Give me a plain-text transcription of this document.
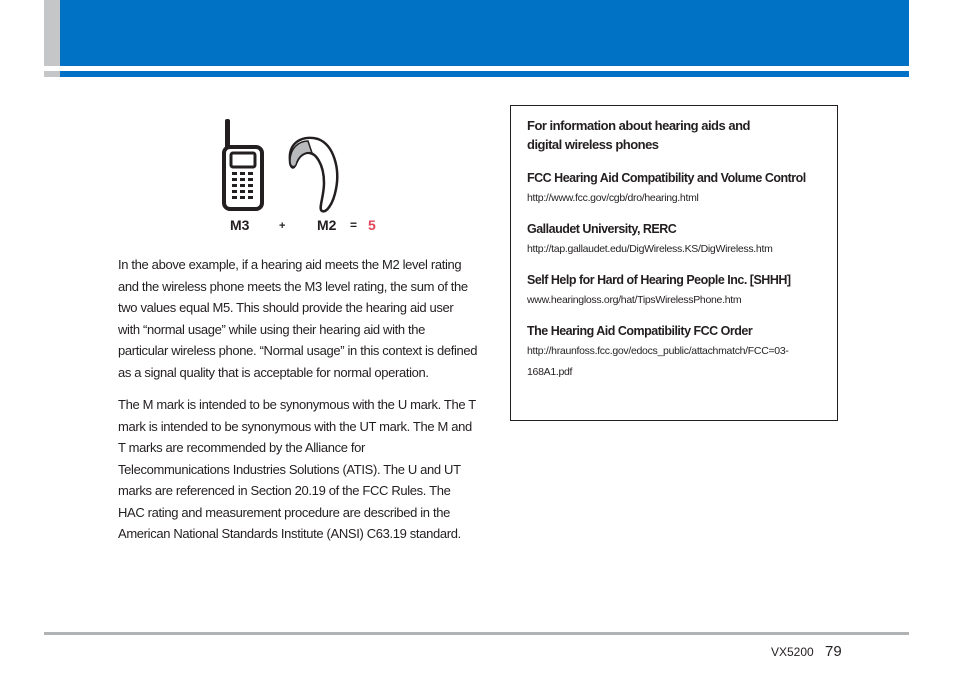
M3	+ M2 = 5

In the above example, if a hearing aid meets the M2 level rating and the wireless phone meets the M3 level rating, the sum of the two values equal M5. This should provide the hearing aid user with “normal usage” while using their hearing aid with the particular wireless phone. “Normal usage” in this context is defined as a signal quality that is acceptable for normal operation.

The M mark is intended to be synonymous with the U mark. The T mark is intended to be synonymous with the UT mark. The M and T marks are recommended by the Alliance for Telecommunications Industries Solutions (ATIS). The U and UT marks are referenced in Section 20.19 of the FCC Rules. The HAC rating and measurement procedure are described in the American National Standards Institute (ANSI) C63.19 standard.

For information about hearing aids and digital wireless phones

FCC Hearing Aid Compatibility and Volume Control

http://www.fcc.gov/cgb/dro/hearing.html

Gallaudet University, RERC

http://tap.gallaudet.edu/DigWireless.KS/DigWireless.htm

Self Help for Hard of Hearing People Inc. [SHHH]

www.hearingloss.org/hat/TipsWirelessPhone.htm

The Hearing Aid Compatibility FCC Order

http://hraunfoss.fcc.gov/edocs_public/attachmatch/FCC=03-168A1.pdf
VX5200 79
